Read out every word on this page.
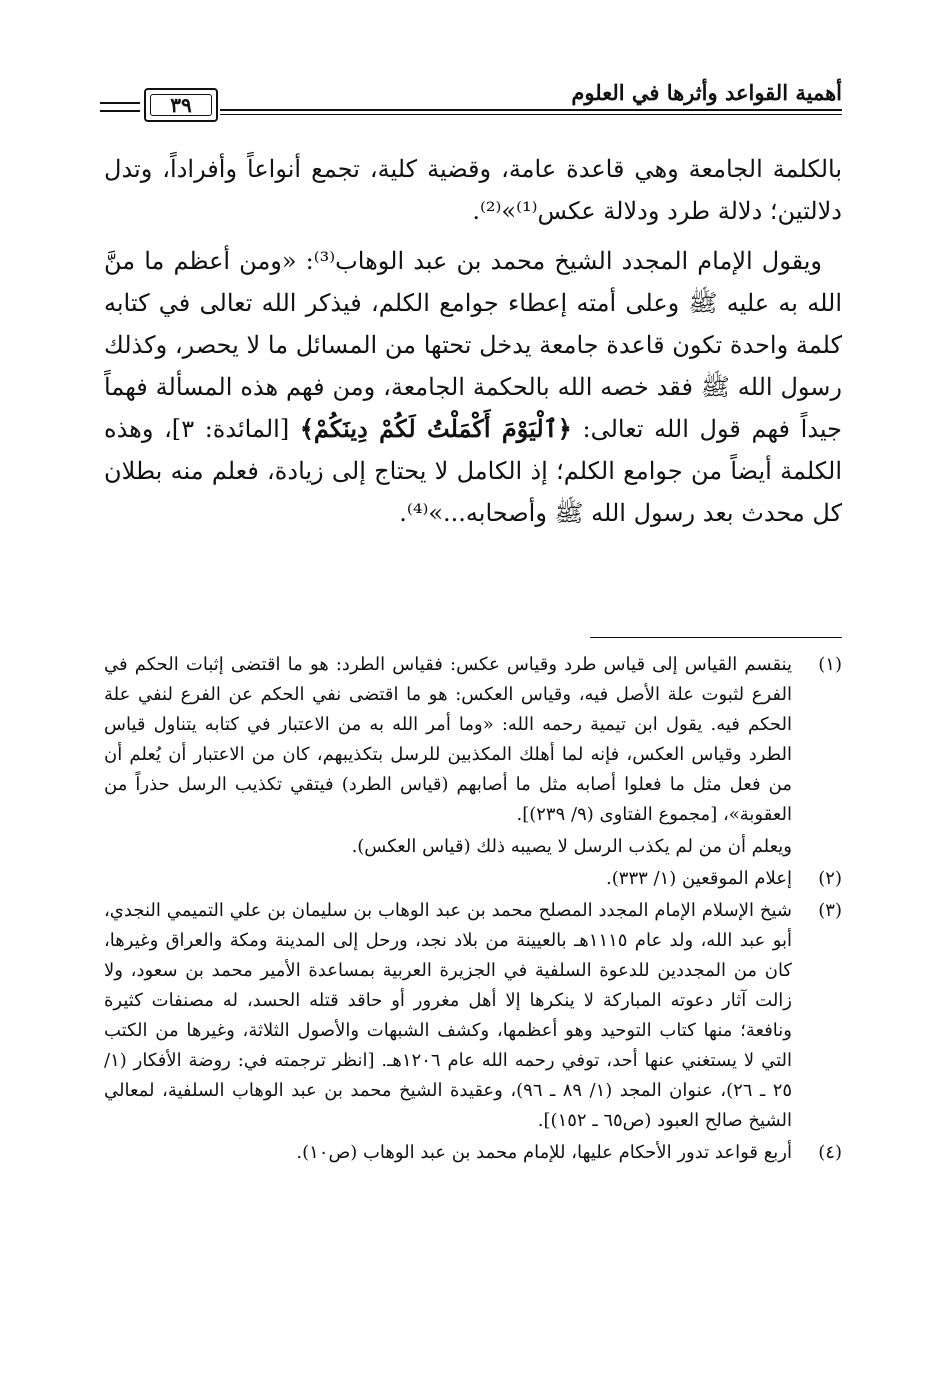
أهمية القواعد وأثرها في العلوم
٣٩

بالكلمة الجامعة وهي قاعدة عامة، وقضية كلية، تجمع أنواعاً وأفراداً، وتدل دلالتين؛ دلالة طرد ودلالة عكس⁽¹⁾»⁽²⁾.

ويقول الإمام المجدد الشيخ محمد بن عبد الوهاب⁽³⁾: «ومن أعظم ما منَّ الله به عليه ﷺ وعلى أمته إعطاء جوامع الكلم، فيذكر الله تعالى في كتابه كلمة واحدة تكون قاعدة جامعة يدخل تحتها من المسائل ما لا يحصر، وكذلك رسول الله ﷺ فقد خصه الله بالحكمة الجامعة، ومن فهم هذه المسألة فهماً جيداً فهم قول الله تعالى: ﴿ٱلْيَوْمَ أَكْمَلْتُ لَكُمْ دِينَكُمْ﴾ [المائدة: ٣]، وهذه الكلمة أيضاً من جوامع الكلم؛ إذ الكامل لا يحتاج إلى زيادة، فعلم منه بطلان كل محدث بعد رسول الله ﷺ وأصحابه...»⁽⁴⁾.

(١)
ينقسم القياس إلى قياس طرد وقياس عكس: فقياس الطرد: هو ما اقتضى إثبات الحكم في الفرع لثبوت علة الأصل فيه، وقياس العكس: هو ما اقتضى نفي الحكم عن الفرع لنفي علة الحكم فيه. يقول ابن تيمية رحمه الله: «وما أمر الله به من الاعتبار في كتابه يتناول قياس الطرد وقياس العكس، فإنه لما أهلك المكذبين للرسل بتكذيبهم، كان من الاعتبار أن يُعلم أن من فعل مثل ما فعلوا أصابه مثل ما أصابهم (قياس الطرد) فيتقي تكذيب الرسل حذراً من العقوبة»، [مجموع الفتاوى (٩/ ٢٣٩)].

ويعلم أن من لم يكذب الرسل لا يصيبه ذلك (قياس العكس).

(٢)
إعلام الموقعين (١/ ٣٣٣).

(٣)
شيخ الإسلام الإمام المجدد المصلح محمد بن عبد الوهاب بن سليمان بن علي التميمي النجدي، أبو عبد الله، ولد عام ١١١٥هـ بالعيينة من بلاد نجد، ورحل إلى المدينة ومكة والعراق وغيرها، كان من المجددين للدعوة السلفية في الجزيرة العربية بمساعدة الأمير محمد بن سعود، ولا زالت آثار دعوته المباركة لا ينكرها إلا أهل مغرور أو حاقد قتله الحسد، له مصنفات كثيرة ونافعة؛ منها كتاب التوحيد وهو أعظمها، وكشف الشبهات والأصول الثلاثة، وغيرها من الكتب التي لا يستغني عنها أحد، توفي رحمه الله عام ١٢٠٦هـ. [انظر ترجمته في: روضة الأفكار (١/ ٢٥ ـ ٢٦)، عنوان المجد (١/ ٨٩ ـ ٩٦)، وعقيدة الشيخ محمد بن عبد الوهاب السلفية، لمعالي الشيخ صالح العبود (ص٦٥ ـ ١٥٢)].

(٤)
أربع قواعد تدور الأحكام عليها، للإمام محمد بن عبد الوهاب (ص١٠).
